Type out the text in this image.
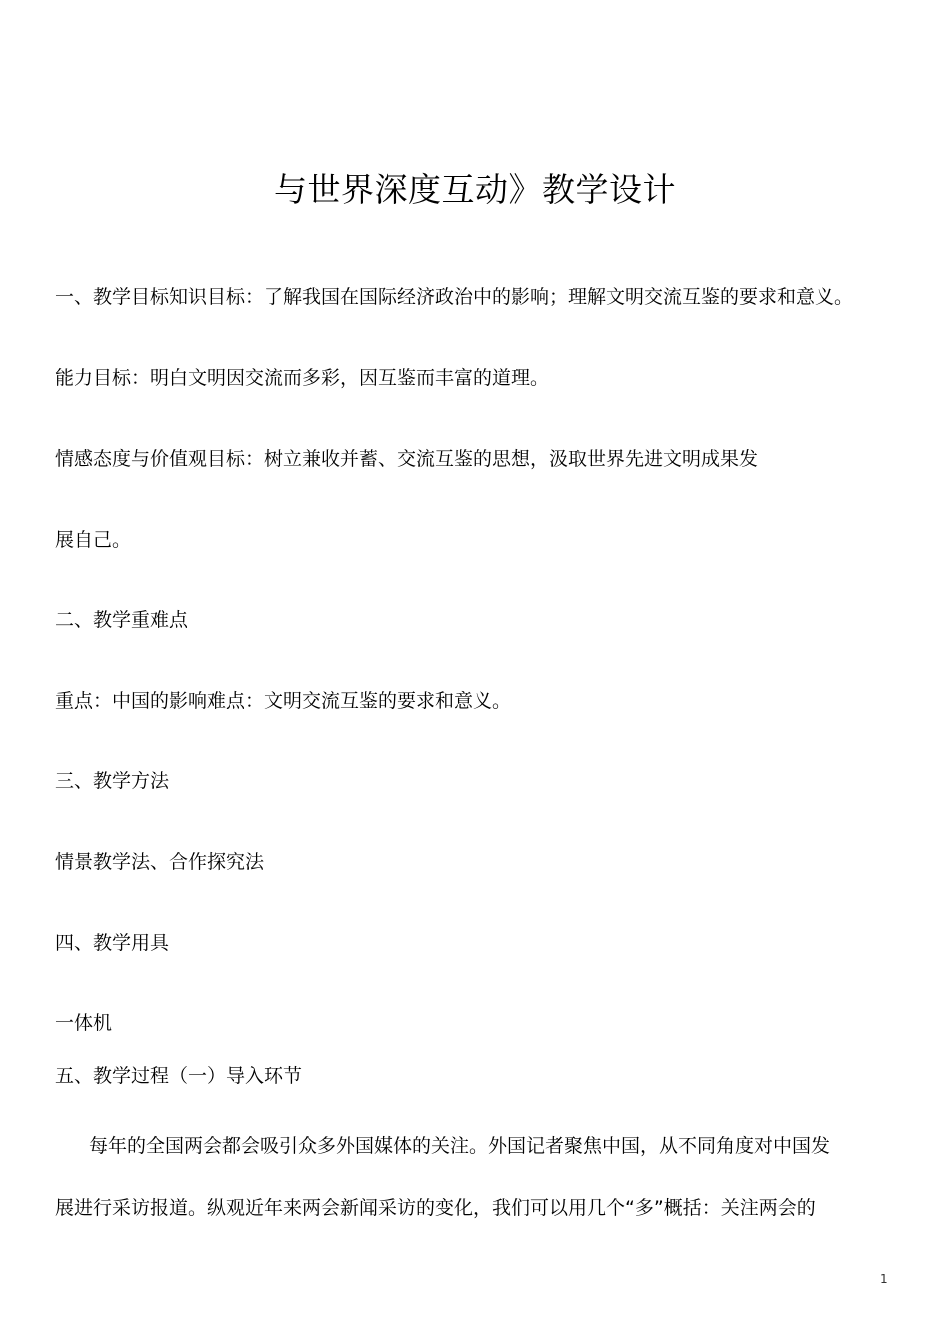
与世界深度互动》教学设计
一、教学目标知识目标：了解我国在国际经济政治中的影响；理解文明交流互鉴的要求和意义。
能力目标：明白文明因交流而多彩，因互鉴而丰富的道理。
情感态度与价值观目标：树立兼收并蓄、交流互鉴的思想，汲取世界先进文明成果发
展自己。
二、教学重难点
重点：中国的影响难点：文明交流互鉴的要求和意义。
三、教学方法
情景教学法、合作探究法
四、教学用具
一体机
五、教学过程（一）导入环节
每年的全国两会都会吸引众多外国媒体的关注。外国记者聚焦中国，从不同角度对中国发
展进行采访报道。纵观近年来两会新闻采访的变化，我们可以用几个“多”概括：关注两会的
1
